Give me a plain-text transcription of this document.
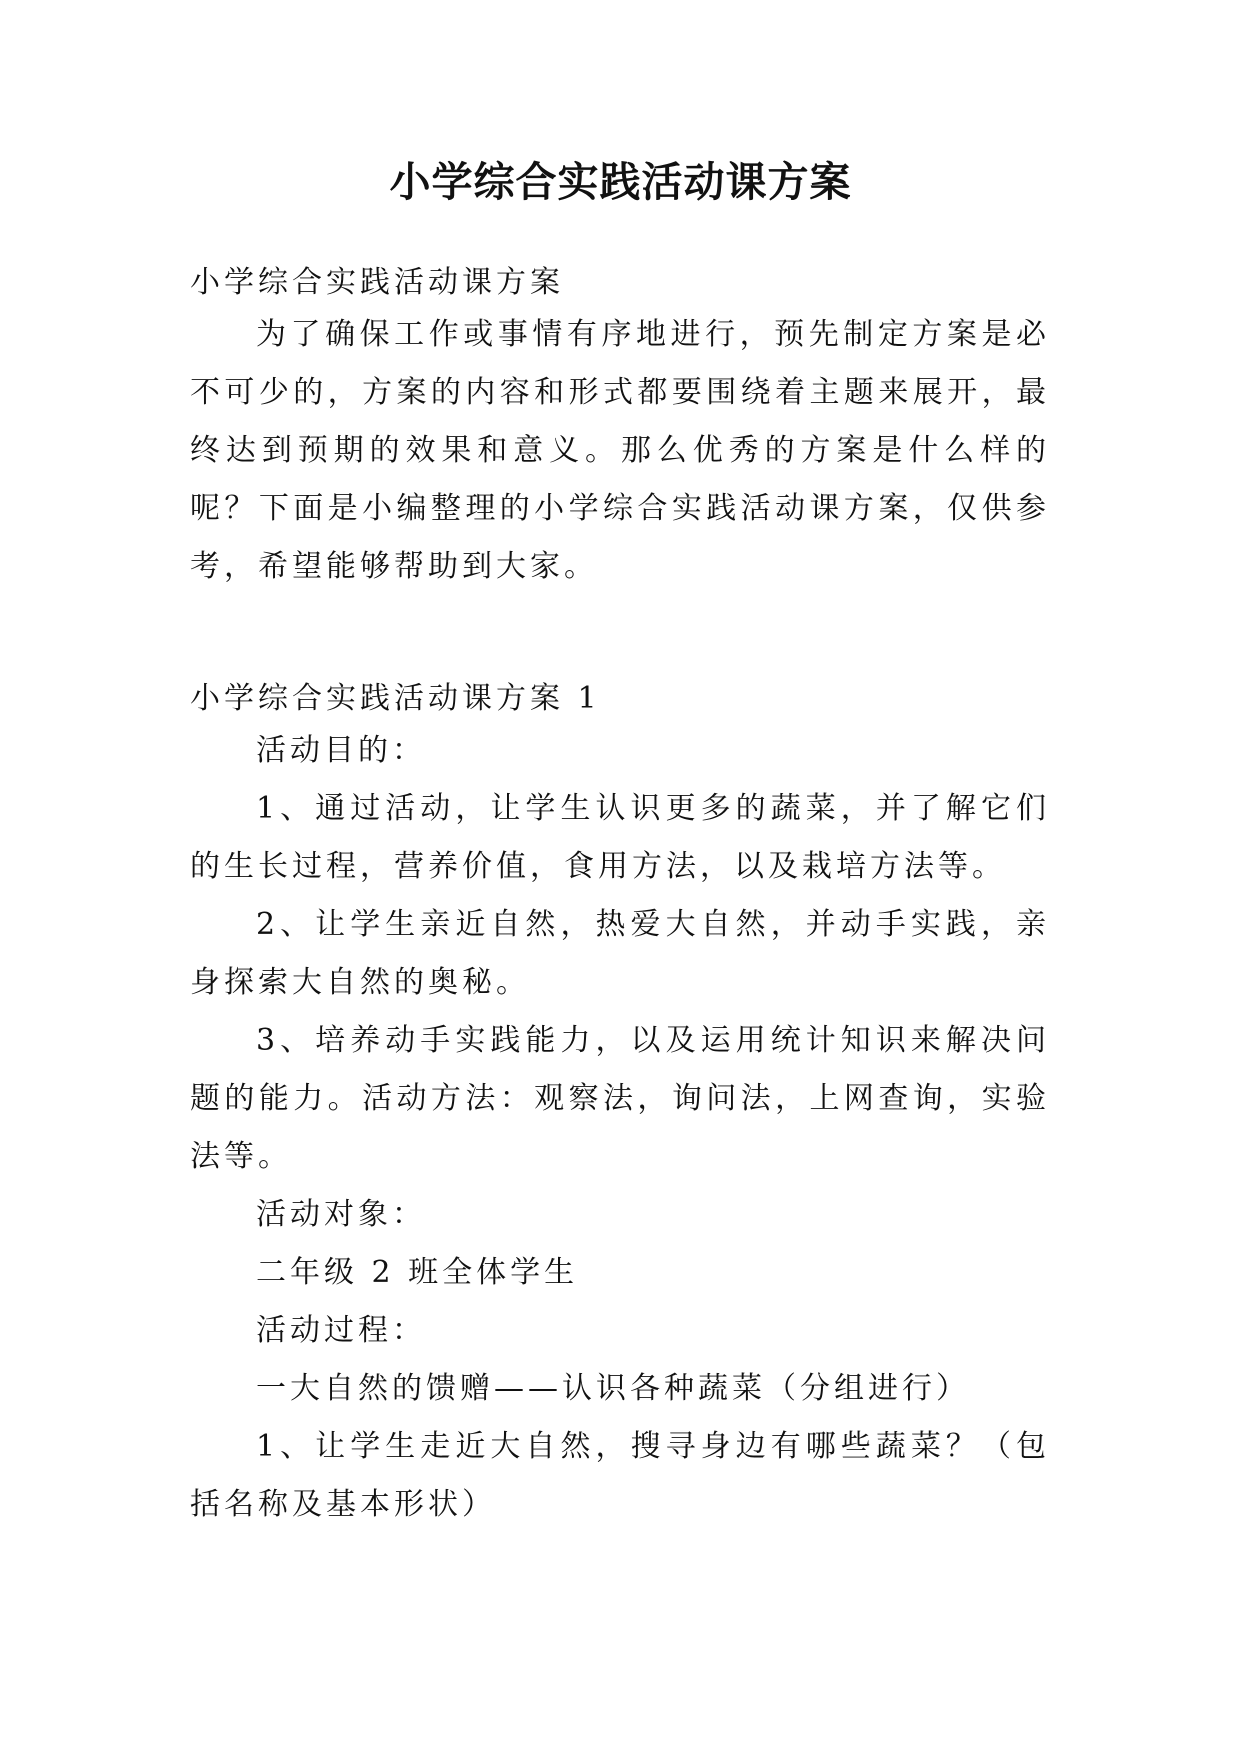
小学综合实践活动课方案
小学综合实践活动课方案

为了确保工作或事情有序地进行，预先制定方案是必不可少的，方案的内容和形式都要围绕着主题来展开，最终达到预期的效果和意义。那么优秀的方案是什么样的呢？下面是小编整理的小学综合实践活动课方案，仅供参考，希望能够帮助到大家。

小学综合实践活动课方案 1

活动目的：

1、通过活动，让学生认识更多的蔬菜，并了解它们的生长过程，营养价值，食用方法，以及栽培方法等。

2、让学生亲近自然，热爱大自然，并动手实践，亲身探索大自然的奥秘。

3、培养动手实践能力，以及运用统计知识来解决问题的能力。活动方法：观察法，询问法，上网查询，实验法等。

活动对象：

二年级 2 班全体学生

活动过程：

一大自然的馈赠——认识各种蔬菜（分组进行）

1、让学生走近大自然，搜寻身边有哪些蔬菜？（包括名称及基本形状）
